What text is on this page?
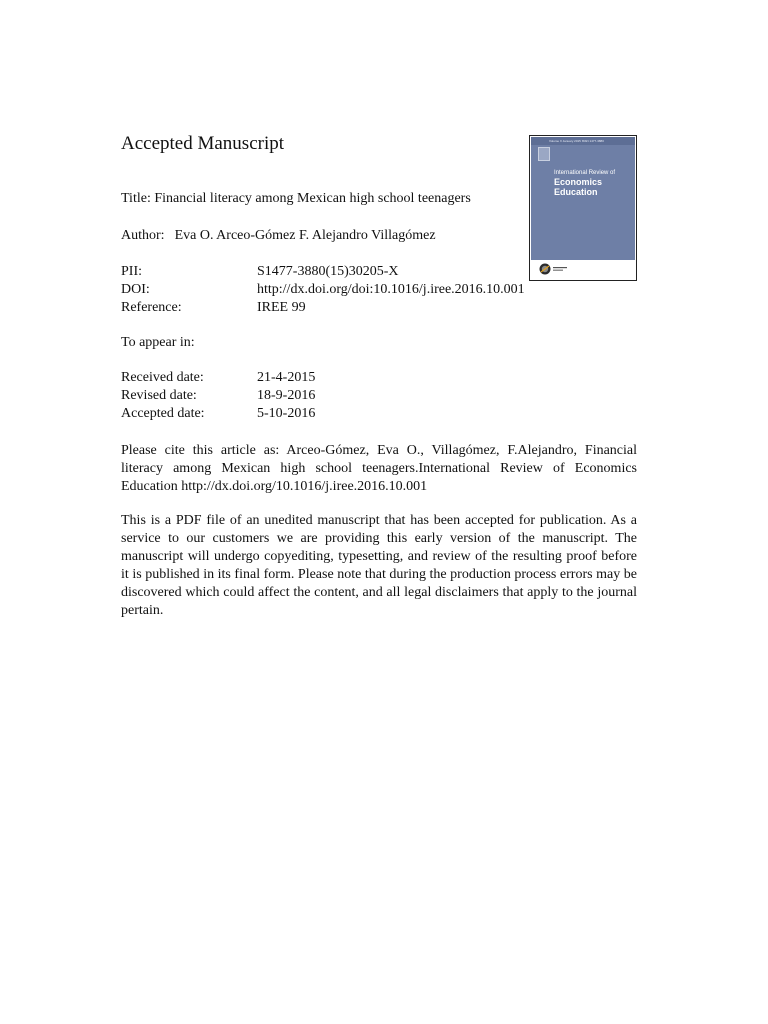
Accepted Manuscript
Title: Financial literacy among Mexican high school teenagers
Author: Eva O. Arceo-Gómez F. Alejandro Villagómez
PII:	S1477-3880(15)30205-X
DOI:	http://dx.doi.org/doi:10.1016/j.iree.2016.10.001
Reference:	IREE 99
To appear in:
Received date:	21-4-2015
Revised date:	18-9-2016
Accepted date:	5-10-2016
Please cite this article as: Arceo-Gómez, Eva O., Villagómez, F.Alejandro, Financial literacy among Mexican high school teenagers.International Review of Economics Education http://dx.doi.org/10.1016/j.iree.2016.10.001
This is a PDF file of an unedited manuscript that has been accepted for publication. As a service to our customers we are providing this early version of the manuscript. The manuscript will undergo copyediting, typesetting, and review of the resulting proof before it is published in its final form. Please note that during the production process errors may be discovered which could affect the content, and all legal disclaimers that apply to the journal pertain.
Volume X January 2015 ISSN 1477-3880
International Review of
Economics
Education
